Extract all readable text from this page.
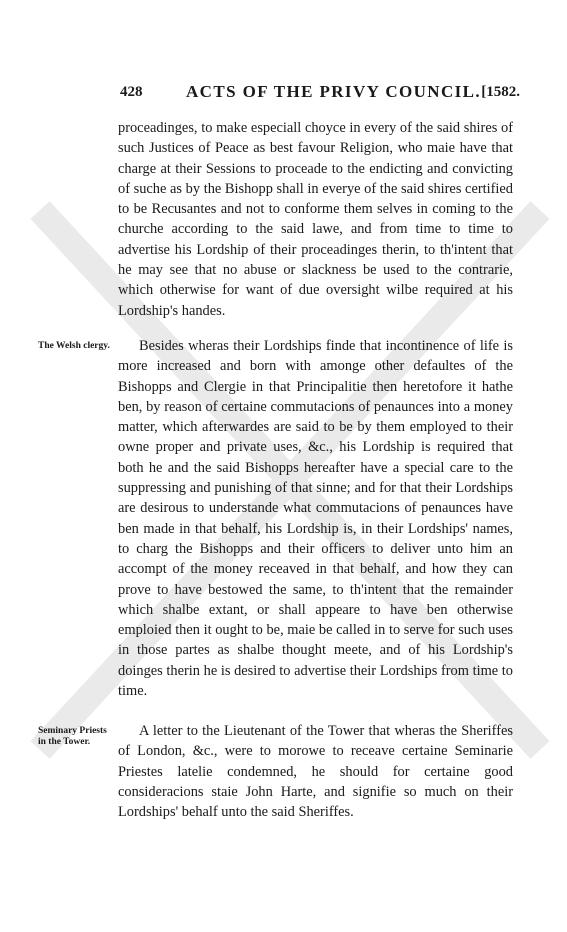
428	ACTS OF THE PRIVY COUNCIL. [1582.

proceadinges, to make especiall choyce in every of the said shires of such Justices of Peace as best favour Religion, who maie have that charge at their Sessions to proceade to the endicting and convicting of suche as by the Bishopp shall in everye of the said shires certified to be Recusantes and not to conforme them selves in coming to the churche according to the said lawe, and from time to time to advertise his Lordship of their proceadinges therin, to th'intent that he may see that no abuse or slackness be used to the contrarie, which otherwise for want of due oversight wilbe required at his Lordship's handes.

The Welsh clergy.	Besides wheras their Lordships finde that incontinence of life is more increased and born with amonge other defaultes of the Bishopps and Clergie in that Principalitie then heretofore it hathe ben, by reason of certaine commutacions of penaunces into a money matter, which afterwardes are said to be by them employed to their owne proper and private uses, &c., his Lordship is required that both he and the said Bishopps hereafter have a special care to the suppressing and punishing of that sinne; and for that their Lordships are desirous to understande what commutacions of penaunces have ben made in that behalf, his Lordship is, in their Lordships' names, to charg the Bishopps and their officers to deliver unto him an accompt of the money receaved in that behalf, and how they can prove to have bestowed the same, to th'intent that the remainder which shalbe extant, or shall appeare to have ben otherwise emploied then it ought to be, maie be called in to serve for such uses in those partes as shalbe thought meete, and of his Lordship's doinges therin he is desired to advertise their Lordships from time to time.

Seminary Priests in the Tower.

A letter to the Lieutenant of the Tower that wheras the Sheriffes of London, &c., were to morowe to receave certaine Seminarie Priestes latelie condemned, he should for certaine good consideracions staie John Harte, and signifie so much on their Lordships' behalf unto the said Sheriffes.
